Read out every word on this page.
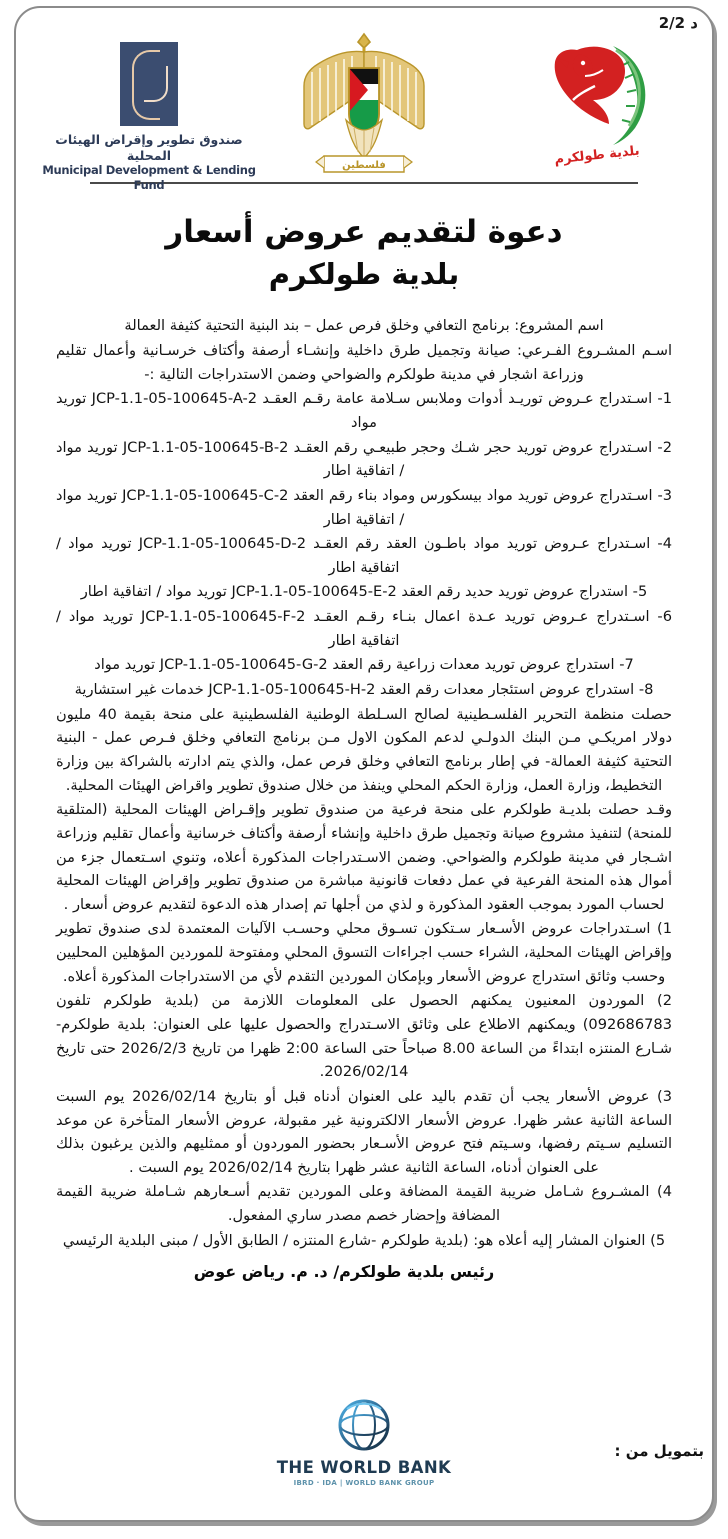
د 2/2
صندوق تطوير وإقراض الهيئات المحلية
Municipal Development & Lending Fund
فلسطين	بلدية طولكرم
دعوة لتقديم عروض أسعار
بلدية طولكرم

اسم المشروع: برنامج التعافي وخلق فرص عمل – بند البنية التحتية كثيفة العمالة

اسـم المشـروع الفـرعي: صيانة وتجميل طرق داخلية وإنشـاء أرصفة وأكتاف خرسـانية وأعمال تقليم وزراعة اشجار في مدينة طولكرم والضواحي وضمن الاستدراجات التالية :-

1- اسـتدراج عـروض توريـد أدوات وملابس سـلامة عامة رقـم العقـد JCP-1.1-05-100645-A-2 توريد مواد

2- اسـتدراج عروض توريد حجر شـك وحجر طبيعـي رقم العقـد JCP-1.1-05-100645-B-2 توريد مواد / اتفاقية اطار

3- اسـتدراج عروض توريد مواد بيسكورس ومواد بناء رقم العقد JCP-1.1-05-100645-C-2 توريد مواد / اتفاقية اطار

4- اسـتدراج عـروض توريد مواد باطـون العقد رقم العقـد JCP-1.1-05-100645-D-2 توريد مواد / اتفاقية اطار

5- استدراج عروض توريد حديد رقم العقد JCP-1.1-05-100645-E-2 توريد مواد / اتفاقية اطار

6- اسـتدراج عـروض توريد عـدة اعمال بنـاء رقـم العقـد JCP-1.1-05-100645-F-2 توريد مواد / اتفاقية اطار

7- استدراج عروض توريد معدات زراعية رقم العقد JCP-1.1-05-100645-G-2 توريد مواد

8- استدراج عروض استئجار معدات رقم العقد JCP-1.1-05-100645-H-2 خدمات غير استشارية

حصلت منظمة التحرير الفلسـطينية لصالح السـلطة الوطنية الفلسطينية على منحة بقيمة 40 مليون دولار امريكـي مـن البنك الدولـي لدعم المكون الاول مـن برنامج التعافي وخلق فـرص عمل - البنية التحتية كثيفة العمالة- في إطار برنامج التعافي وخلق فرص عمل، والذي يتم ادارته بالشراكة بين وزارة التخطيط، وزارة العمل، وزارة الحكم المحلي وينفذ من خلال صندوق تطوير واقراض الهيئات المحلية.

وقـد حصلت بلديـة طولكرم على منحة فرعية من صندوق تطوير وإقـراض الهيئات المحلية (المتلقية للمنحة) لتنفيذ مشروع صيانة وتجميل طرق داخلية وإنشاء أرصفة وأكتاف خرسانية وأعمال تقليم وزراعة اشـجار في مدينة طولكرم والضواحي. وضمن الاسـتدراجات المذكورة أعلاه، وتنوي اسـتعمال جزء من أموال هذه المنحة الفرعية في عمل دفعات قانونية مباشرة من صندوق تطوير وإقراض الهيئات المحلية لحساب المورد بموجب العقود المذكورة و لذي من أجلها تم إصدار هذه الدعوة لتقديم عروض أسعار .

1) اسـتدراجات عروض الأسـعار سـتكون تسـوق محلي وحسـب الآليات المعتمدة لدى صندوق تطوير وإقراض الهيئات المحلية، الشراء حسب اجراءات التسوق المحلي ومفتوحة للموردين المؤهلين المحليين وحسب وثائق استدراج عروض الأسعار وبإمكان الموردين التقدم لأي من الاستدراجات المذكورة أعلاه.

2) الموردون المعنيون يمكنهم الحصول على المعلومات اللازمة من (بلدية طولكرم تلفون 092686783) ويمكنهم الاطلاع على وثائق الاسـتدراج والحصول عليها على العنوان: بلدية طولكرم- شـارع المنتزه ابتداءً من الساعة 8.00 صباحاً حتى الساعة 2:00 ظهرا من تاريخ 2026/2/3 حتى تاريخ 2026/02/14.

3) عروض الأسعار يجب أن تقدم باليد على العنوان أدناه قبل أو بتاريخ 2026/02/14 يوم السبت الساعة الثانية عشر ظهرا. عروض الأسعار الالكترونية غير مقبولة، عروض الأسعار المتأخرة عن موعد التسليم سـيتم رفضها، وسـيتم فتح عروض الأسـعار بحضور الموردون أو ممثليهم والذين يرغبون بذلك على العنوان أدناه، الساعة الثانية عشر ظهرا بتاريخ 2026/02/14 يوم السبت .

4) المشـروع شـامل ضريبة القيمة المضافة وعلى الموردين تقديم أسـعارهم شـاملة ضريبة القيمة المضافة وإحضار خصم مصدر ساري المفعول.

5) العنوان المشار إليه أعلاه هو: (بلدية طولكرم -شارع المنتزه / الطابق الأول / مبنى البلدية الرئيسي

رئيس بلدية طولكرم/ د. م. رياض عوض
بتمويل من :
THE WORLD BANK
IBRD · IDA | WORLD BANK GROUP
